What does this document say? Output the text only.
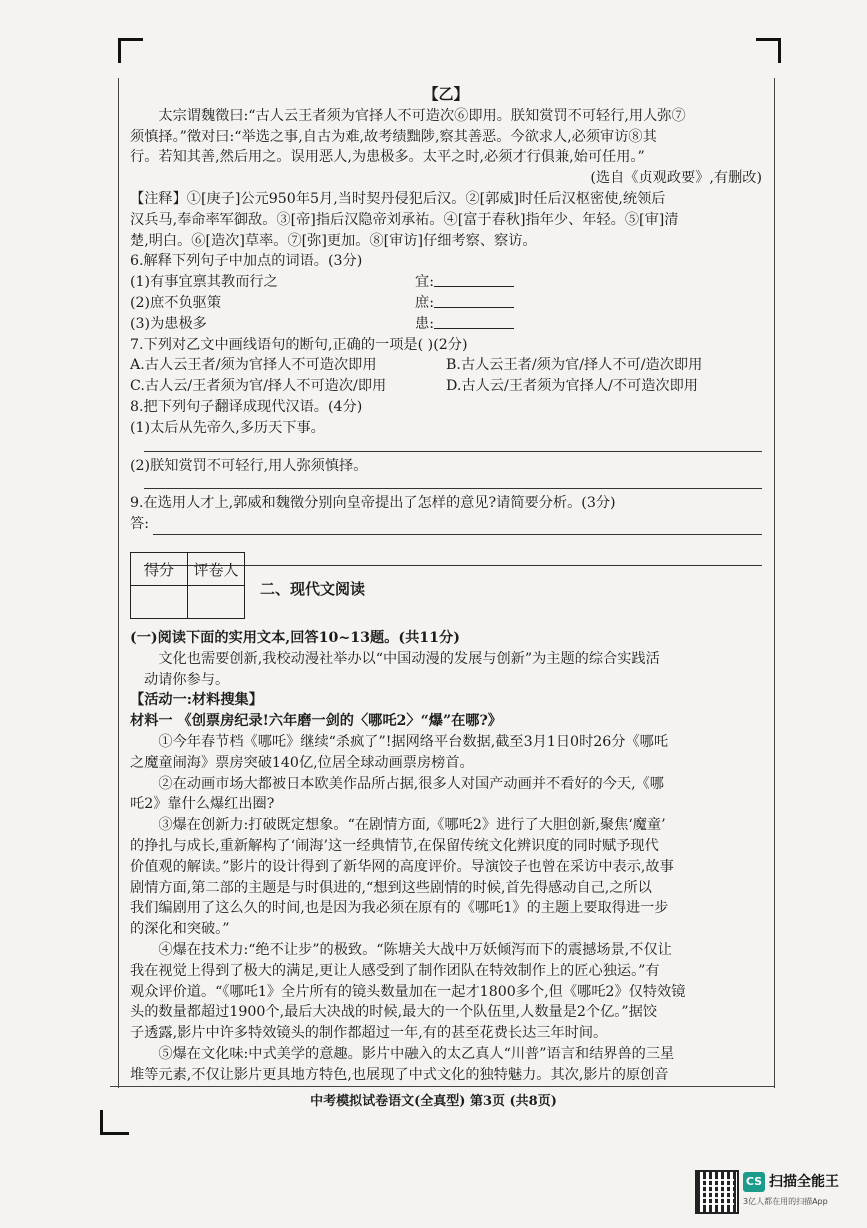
【乙】
太宗谓魏徵曰:“古人云王者须为官择人不可造次⑥即用。朕知赏罚不可轻行,用人弥⑦
须慎择。”徵对曰:“举选之事,自古为难,故考绩黜陟,察其善恶。今欲求人,必须审访⑧其
行。若知其善,然后用之。误用恶人,为患极多。太平之时,必须才行俱兼,始可任用。”
(选自《贞观政要》,有删改)
【注释】①[庚子]公元950年5月,当时契丹侵犯后汉。②[郭威]时任后汉枢密使,统领后
汉兵马,奉命率军御敌。③[帝]指后汉隐帝刘承祐。④[富于春秋]指年少、年轻。⑤[审]清
楚,明白。⑥[造次]草率。⑦[弥]更加。⑧[审访]仔细考察、察访。
6.解释下列句子中加点的词语。(3分)
(1)有事宜禀其教而行之	宜:
(2)庶不负驱策	庶:
(3)为患极多	患:
7.下列对乙文中画线语句的断句,正确的一项是( )(2分)
A.古人云王者/须为官择人不可造次即用	B.古人云王者/须为官/择人不可/造次即用
C.古人云/王者须为官/择人不可造次/即用	D.古人云/王者须为官择人/不可造次即用
8.把下列句子翻译成现代汉语。(4分)
(1)太后从先帝久,多历天下事。
(2)朕知赏罚不可轻行,用人弥须慎择。
9.在选用人才上,郭威和魏徵分别向皇帝提出了怎样的意见?请简要分析。(3分)
答:
得分	评卷人

二、现代文阅读
(一)阅读下面的实用文本,回答10~13题。(共11分)
文化也需要创新,我校动漫社举办以“中国动漫的发展与创新”为主题的综合实践活
动请你参与。
【活动一:材料搜集】
材料一 《创票房纪录!六年磨一剑的〈哪吒2〉“爆”在哪?》
①今年春节档《哪吒》继续“杀疯了”!据网络平台数据,截至3月1日0时26分《哪吒
之魔童闹海》票房突破140亿,位居全球动画票房榜首。
②在动画市场大都被日本欧美作品所占据,很多人对国产动画并不看好的今天,《哪
吒2》靠什么爆红出圈?
③爆在创新力:打破既定想象。“在剧情方面,《哪吒2》进行了大胆创新,聚焦‘魔童’
的挣扎与成长,重新解构了‘闹海’这一经典情节,在保留传统文化辨识度的同时赋予现代
价值观的解读。”影片的设计得到了新华网的高度评价。导演饺子也曾在采访中表示,故事
剧情方面,第二部的主题是与时俱进的,“想到这些剧情的时候,首先得感动自己,之所以
我们编剧用了这么久的时间,也是因为我必须在原有的《哪吒1》的主题上要取得进一步
的深化和突破。”
④爆在技术力:“绝不让步”的极致。“陈塘关大战中万妖倾泻而下的震撼场景,不仅让
我在视觉上得到了极大的满足,更让人感受到了制作团队在特效制作上的匠心独运。”有
观众评价道。“《哪吒1》全片所有的镜头数量加在一起才1800多个,但《哪吒2》仅特效镜
头的数量都超过1900个,最后大决战的时候,最大的一个队伍里,人数量是2个亿。”据饺
子透露,影片中许多特效镜头的制作都超过一年,有的甚至花费长达三年时间。
⑤爆在文化味:中式美学的意趣。影片中融入的太乙真人“川普”语言和结界兽的三星
堆等元素,不仅让影片更具地方特色,也展现了中式文化的独特魅力。其次,影片的原创音
中考模拟试卷语文(全真型) 第3页 (共8页)
CS 扫描全能王
3亿人都在用的扫描App
